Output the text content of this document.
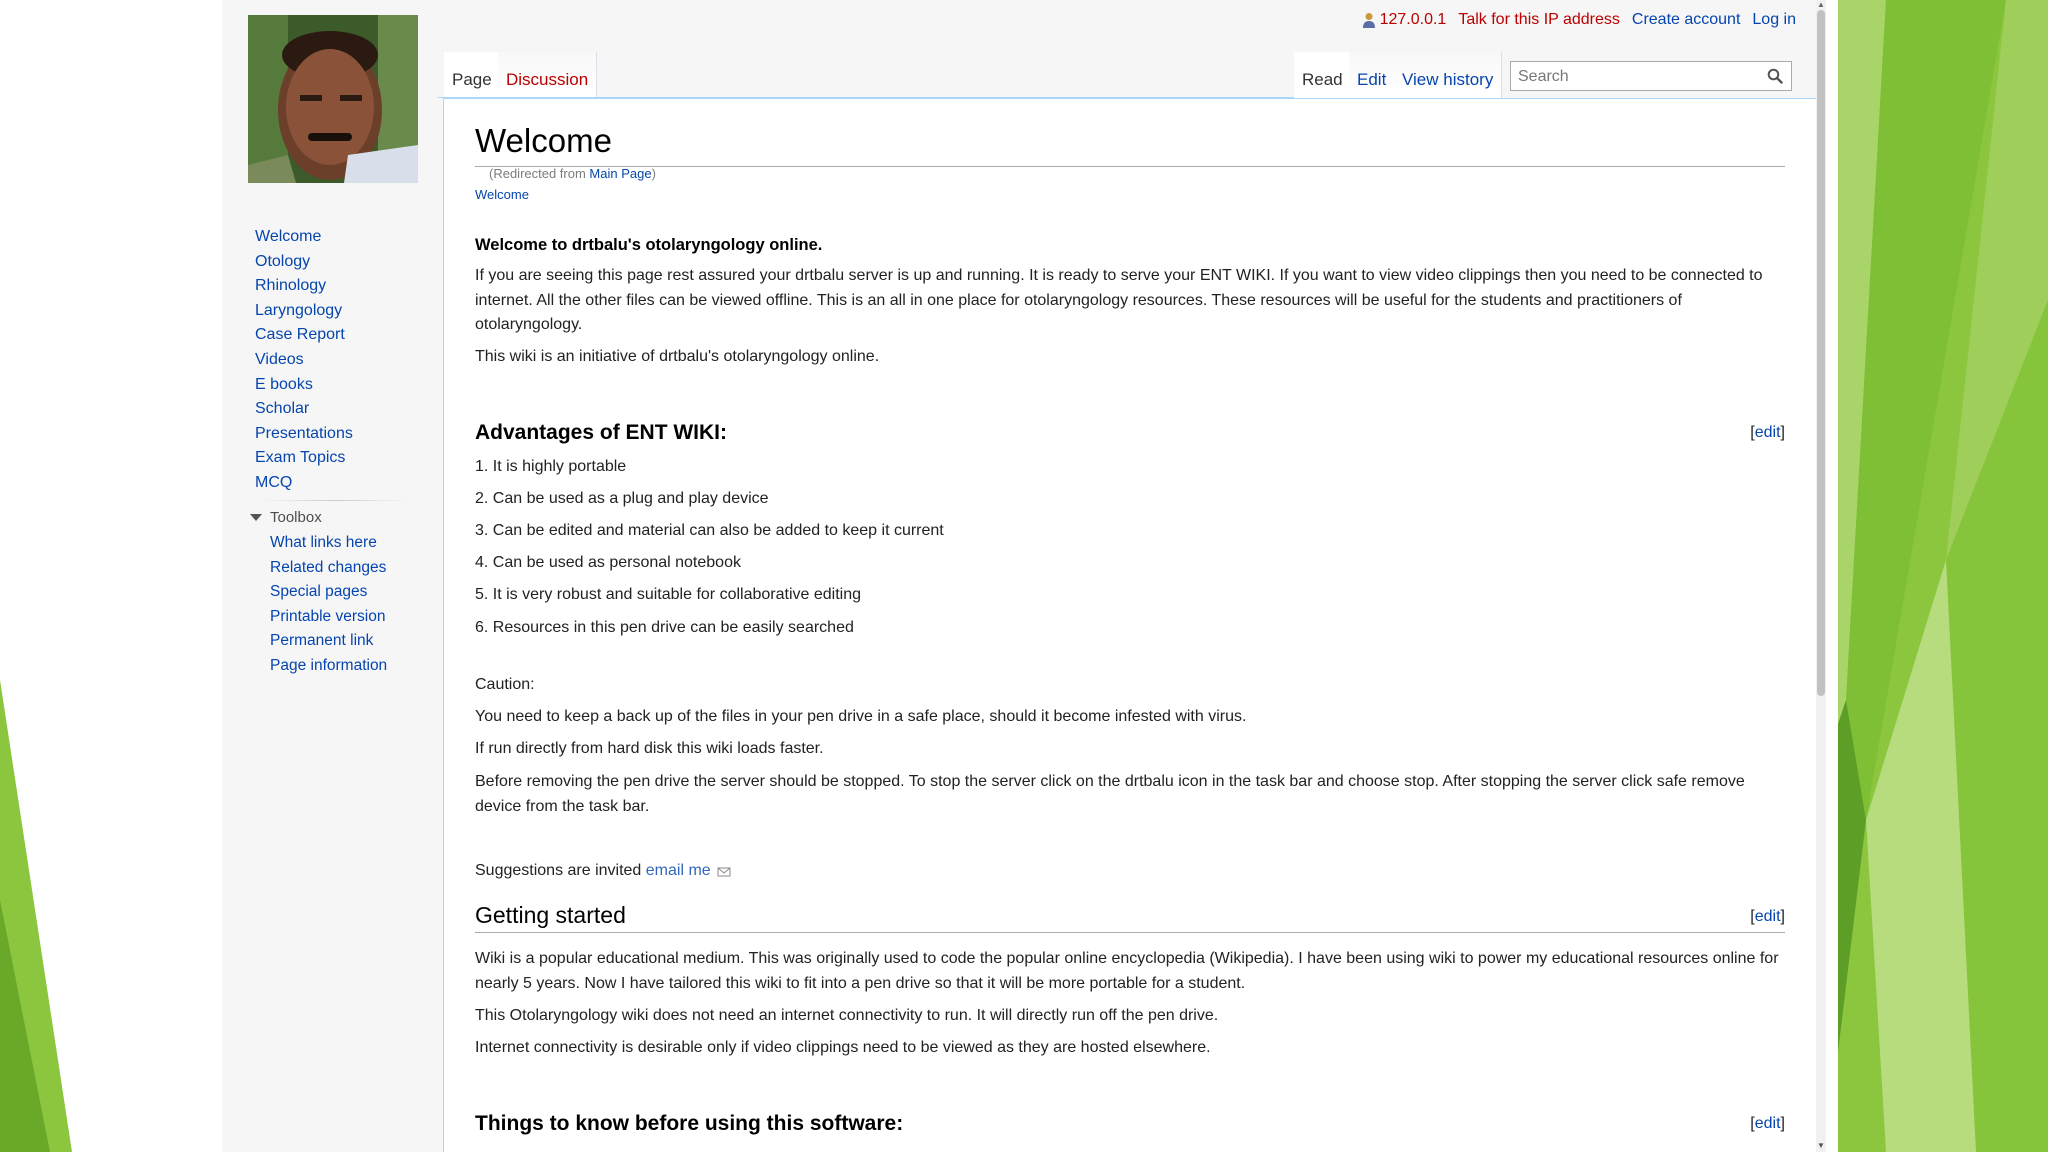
127.0.0.1 Talk for this IP address Create account Log in
Page Discussion	Read Edit View history
Search
Welcome
Otology
Rhinology
Laryngology
Case Report
Videos
E books
Scholar
Presentations
Exam Topics
MCQ
Toolbox
What links here
Related changes
Special pages
Printable version
Permanent link
Page information
Welcome
(Redirected from Main Page)
Welcome
Welcome to drtbalu's otolaryngology online.
If you are seeing this page rest assured your drtbalu server is up and running. It is ready to serve your ENT WIKI. If you want to view video clippings then you need to be connected to internet. All the other files can be viewed offline. This is an all in one place for otolaryngology resources. These resources will be useful for the students and practitioners of otolaryngology.
This wiki is an initiative of drtbalu's otolaryngology online.
Advantages of ENT WIKI:	[edit]
1. It is highly portable
2. Can be used as a plug and play device
3. Can be edited and material can also be added to keep it current
4. Can be used as personal notebook
5. It is very robust and suitable for collaborative editing
6. Resources in this pen drive can be easily searched
Caution:
You need to keep a back up of the files in your pen drive in a safe place, should it become infested with virus.
If run directly from hard disk this wiki loads faster.
Before removing the pen drive the server should be stopped. To stop the server click on the drtbalu icon in the task bar and choose stop. After stopping the server click safe remove device from the task bar.
Suggestions are invited email me
Getting started	[edit]
Wiki is a popular educational medium. This was originally used to code the popular online encyclopedia (Wikipedia). I have been using wiki to power my educational resources online for nearly 5 years. Now I have tailored this wiki to fit into a pen drive so that it will be more portable for a student.
This Otolaryngology wiki does not need an internet connectivity to run. It will directly run off the pen drive.
Internet connectivity is desirable only if video clippings need to be viewed as they are hosted elsewhere.
Things to know before using this software:	[edit]
▲
▼
